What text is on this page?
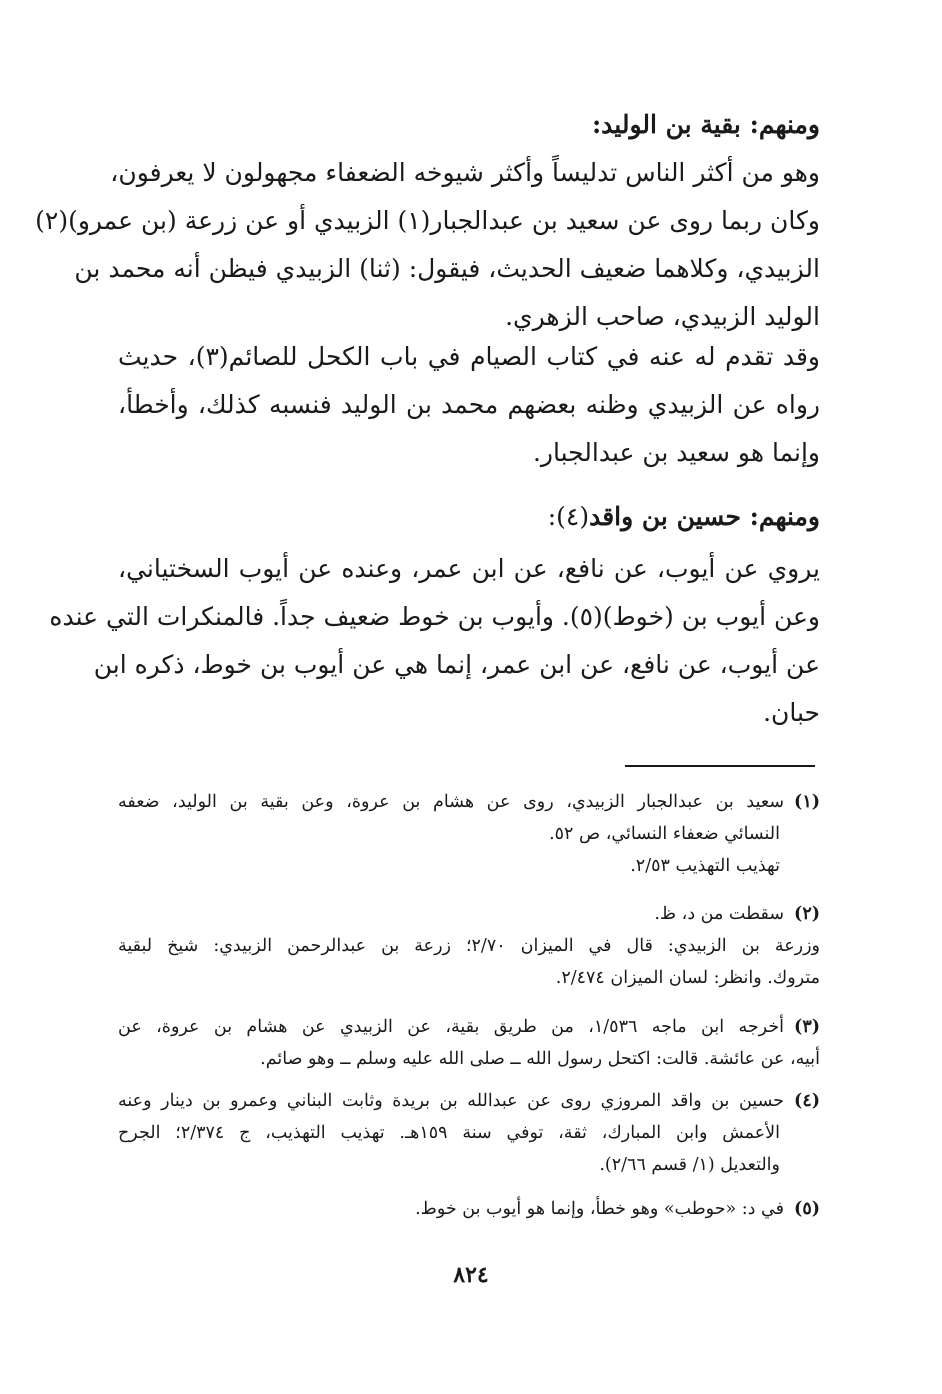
ومنهم: بقية بن الوليد:
وهو من أكثر الناس تدليساً وأكثر شيوخه الضعفاء مجهولون لا يعرفون،
وكان ربما روى عن سعيد بن عبدالجبار(١) الزبيدي أو عن زرعة (بن عمرو)(٢)
الزبيدي، وكلاهما ضعيف الحديث، فيقول: (ثنا) الزبيدي فيظن أنه محمد بن
الوليد الزبيدي، صاحب الزهري.
وقد تقدم له عنه في كتاب الصيام في باب الكحل للصائم(٣)، حديث
رواه عن الزبيدي وظنه بعضهم محمد بن الوليد فنسبه كذلك، وأخطأ،
وإنما هو سعيد بن عبدالجبار.
ومنهم: حسين بن واقد(٤):
يروي عن أيوب، عن نافع، عن ابن عمر، وعنده عن أيوب السختياني،
وعن أيوب بن (خوط)(٥). وأيوب بن خوط ضعيف جداً. فالمنكرات التي عنده
عن أيوب، عن نافع، عن ابن عمر، إنما هي عن أيوب بن خوط، ذكره ابن
حبان.
(١)سعيد بن عبدالجبار الزبيدي، روى عن هشام بن عروة، وعن بقية بن الوليد، ضعفه
النسائي ضعفاء النسائي، ص ٥٢.
تهذيب التهذيب ٢/٥٣.
(٢)سقطت من د، ظ.
وزرعة بن الزبيدي: قال في الميزان ٢/٧٠؛ زرعة بن عبدالرحمن الزبيدي: شيخ لبقية
متروك. وانظر: لسان الميزان ٢/٤٧٤.
(٣)أخرجه ابن ماجه ١/٥٣٦، من طريق بقية، عن الزبيدي عن هشام بن عروة، عن
أبيه، عن عائشة. قالت: اكتحل رسول الله ــ صلى الله عليه وسلم ــ وهو صائم.
(٤)حسين بن واقد المروزي روى عن عبدالله بن بريدة وثابت البناني وعمرو بن دينار وعنه
الأعمش وابن المبارك، ثقة، توفي سنة ١٥٩هـ. تهذيب التهذيب، ج ٢/٣٧٤؛ الجرح
والتعديل (١/ قسم ٢/٦٦).
(٥)في د: «حوطب» وهو خطأ، وإنما هو أيوب بن خوط.
٨٢٤
